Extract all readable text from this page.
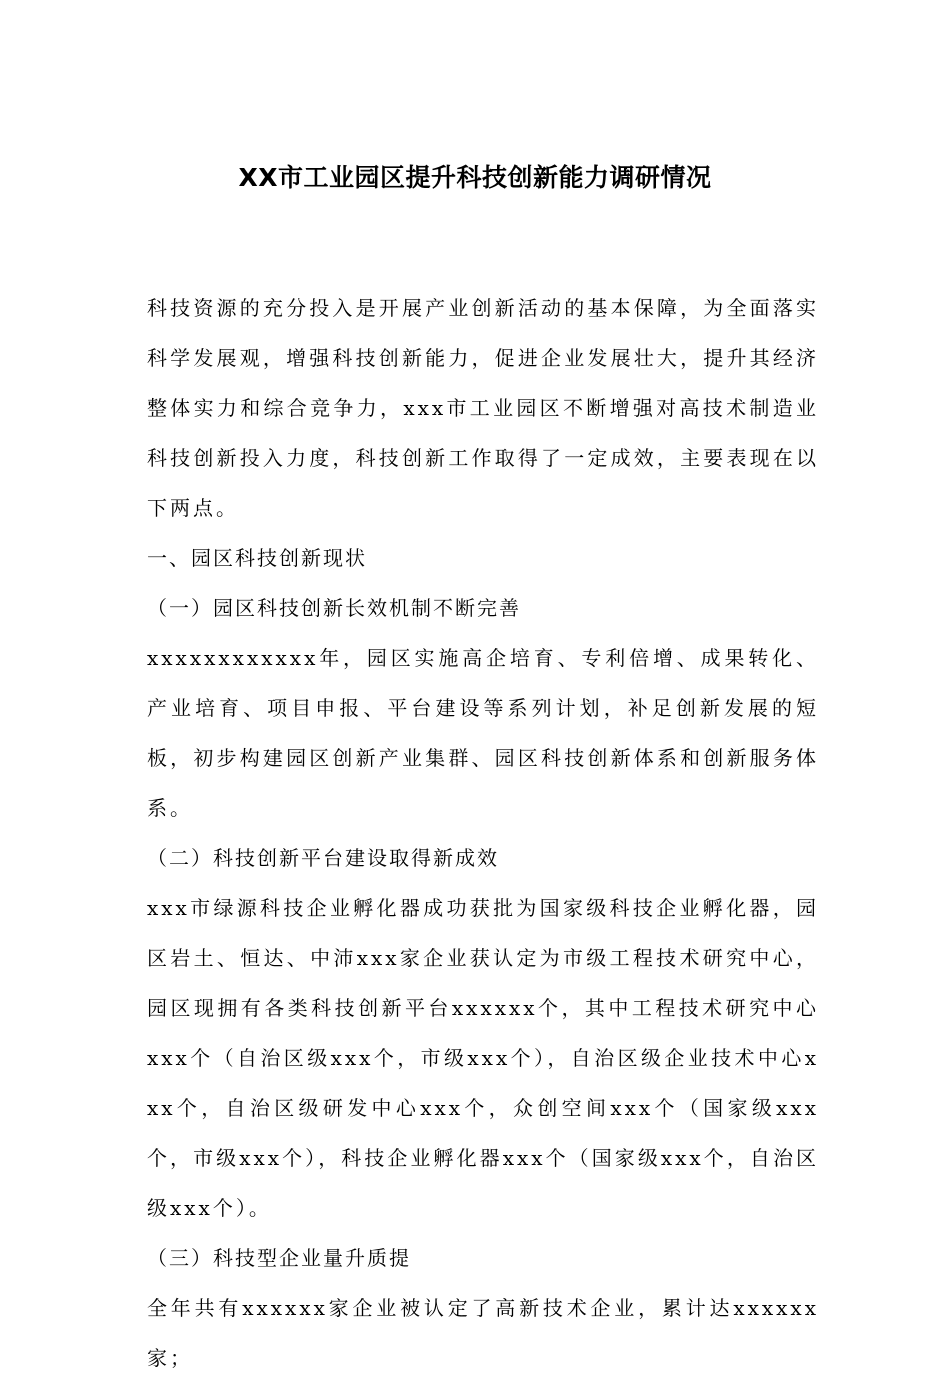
XX市工业园区提升科技创新能力调研情况

科技资源的充分投入是开展产业创新活动的基本保障，为全面落实科学发展观，增强科技创新能力，促进企业发展壮大，提升其经济整体实力和综合竞争力，xxx市工业园区不断增强对高技术制造业科技创新投入力度，科技创新工作取得了一定成效，主要表现在以下两点。

一、园区科技创新现状

（一）园区科技创新长效机制不断完善

xxxxxxxxxxxx年，园区实施高企培育、专利倍增、成果转化、产业培育、项目申报、平台建设等系列计划，补足创新发展的短板，初步构建园区创新产业集群、园区科技创新体系和创新服务体系。

（二）科技创新平台建设取得新成效

xxx市绿源科技企业孵化器成功获批为国家级科技企业孵化器，园区岩土、恒达、中沛xxx家企业获认定为市级工程技术研究中心，园区现拥有各类科技创新平台xxxxxx个，其中工程技术研究中心xxx个（自治区级xxx个，市级xxx个），自治区级企业技术中心xxx个，自治区级研发中心xxx个，众创空间xxx个（国家级xxx个，市级xxx个），科技企业孵化器xxx个（国家级xxx个，自治区级xxx个）。

（三）科技型企业量升质提

全年共有xxxxxx家企业被认定了高新技术企业，累计达xxxxxx家；
